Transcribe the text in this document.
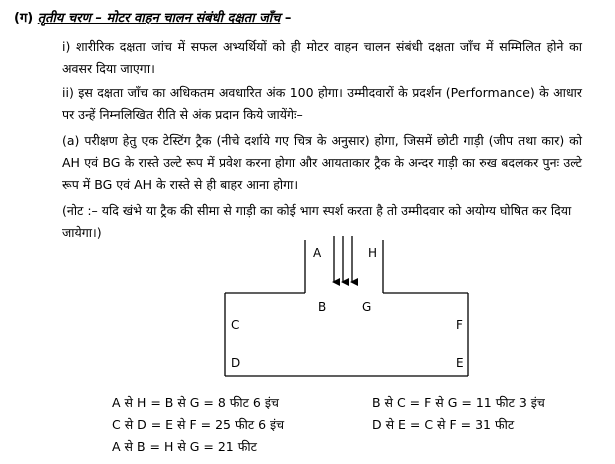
(ग) तृतीय चरण – मोटर वाहन चालन संबंधी दक्षता जाँच –

i) शारीरिक दक्षता जांच में सफल अभ्यर्थियों को ही मोटर वाहन चालन संबंधी दक्षता जाँच में सम्मिलित होने का अवसर दिया जाएगा।

ii) इस दक्षता जाँच का अधिकतम अवधारित अंक 100 होगा। उम्मीदवारों के प्रदर्शन (Performance) के आधार पर उन्हें निम्नलिखित रीति से अंक प्रदान किये जायेंगेः–

(a) परीक्षण हेतु एक टेस्टिंग ट्रैक (नीचे दर्शाये गए चित्र के अनुसार) होगा, जिसमें छोटी गाड़ी (जीप तथा कार) को AH एवं BG के रास्ते उल्टे रूप में प्रवेश करना होगा और आयताकार ट्रैक के अन्दर गाड़ी का रुख बदलकर पुनः उल्टे रूप में BG एवं AH के रास्ते से ही बाहर आना होगा।

(नोट :– यदि खंभे या ट्रैक की सीमा से गाड़ी का कोई भाग स्पर्श करता है तो उम्मीदवार को अयोग्य घोषित कर दिया जायेगा।)

A	H
B	G
C	F
D	E
A से H = B से G = 8 फीट 6 इंच
C से D = E से F = 25 फीट 6 इंच
A से B = H से G = 21 फीट
B से C = F से G = 11 फीट 3 इंच
D से E = C से F = 31 फीट
